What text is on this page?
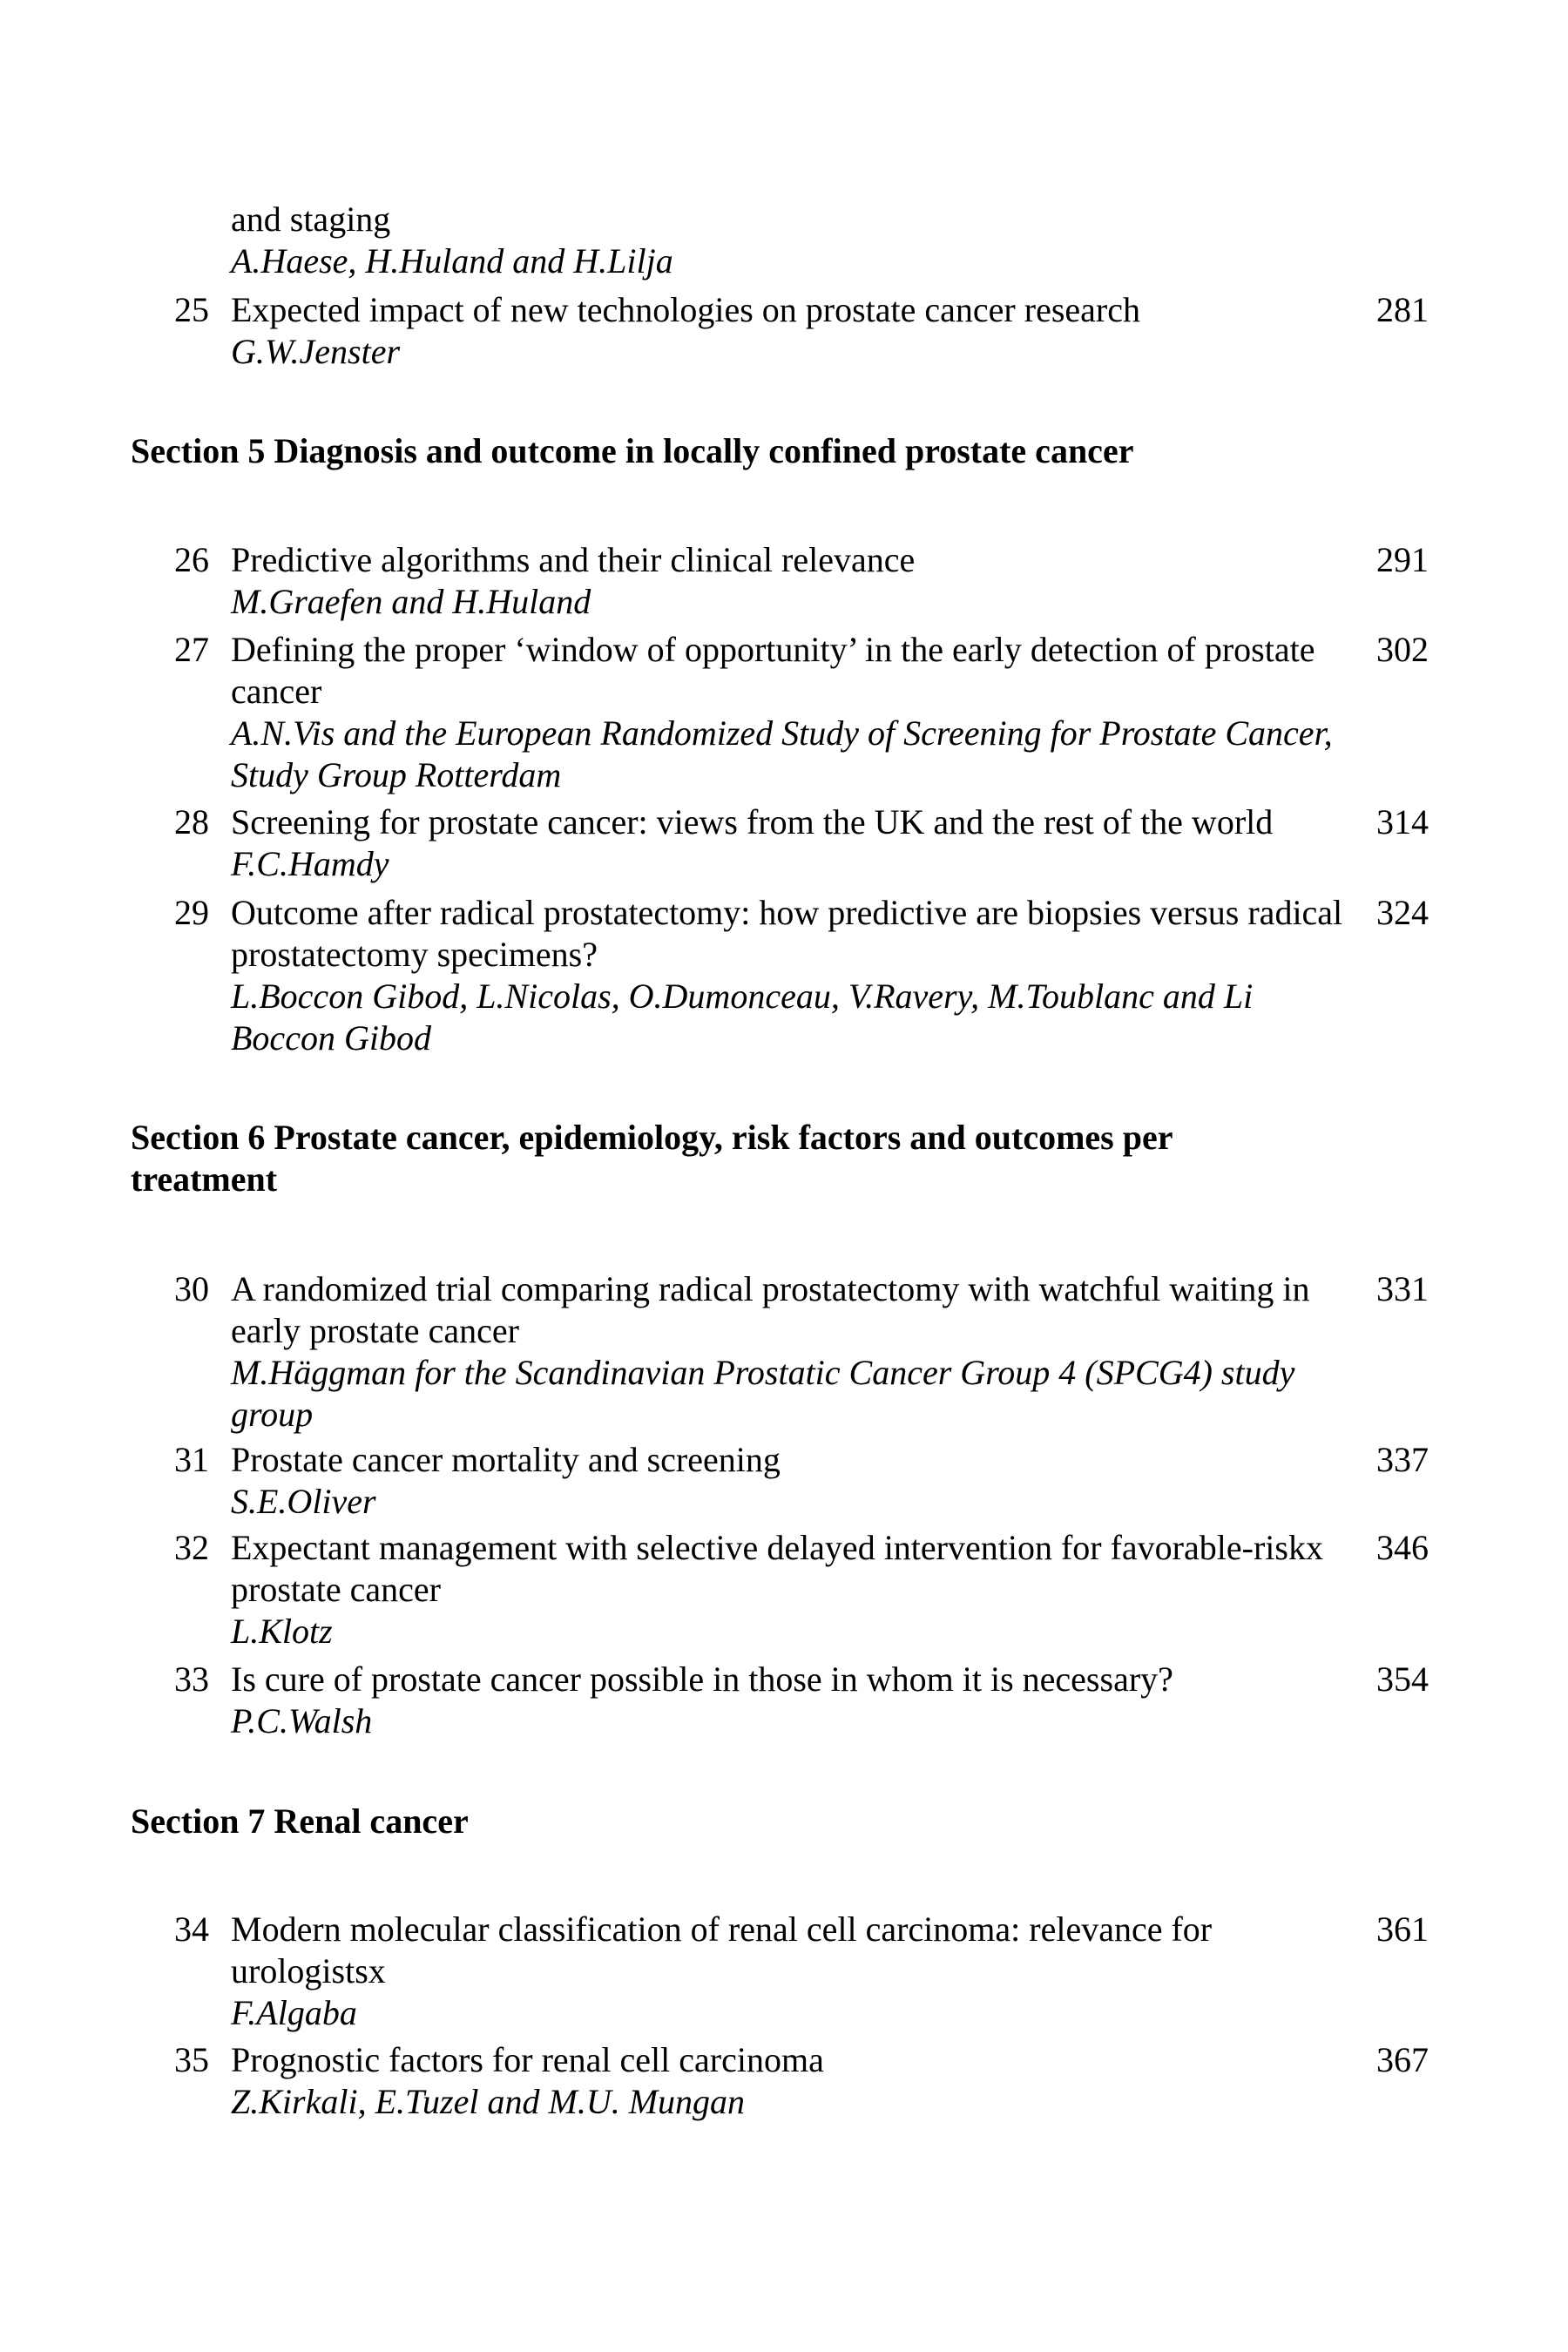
and staging
A.Haese, H.Huland and H.Lilja
25 Expected impact of new technologies on prostate cancer research
G.W.Jenster
281
Section 5 Diagnosis and outcome in locally confined prostate cancer
26 Predictive algorithms and their clinical relevance
M.Graefen and H.Huland
291
27 Defining the proper ‘window of opportunity’ in the early detection of prostate cancer
A.N.Vis and the European Randomized Study of Screening for Prostate Cancer, Study Group Rotterdam
302
28 Screening for prostate cancer: views from the UK and the rest of the world
F.C.Hamdy
314
29 Outcome after radical prostatectomy: how predictive are biopsies versus radical prostatectomy specimens?
L.Boccon Gibod, L.Nicolas, O.Dumonceau, V.Ravery, M.Toublanc and Li Boccon Gibod
324
Section 6 Prostate cancer, epidemiology, risk factors and outcomes per treatment
30 A randomized trial comparing radical prostatectomy with watchful waiting in early prostate cancer
M.Häggman for the Scandinavian Prostatic Cancer Group 4 (SPCG4) study group
331
31 Prostate cancer mortality and screening
S.E.Oliver
337
32 Expectant management with selective delayed intervention for favorable-riskx prostate cancer
L.Klotz
346
33 Is cure of prostate cancer possible in those in whom it is necessary?
P.C.Walsh
354
Section 7 Renal cancer
34 Modern molecular classification of renal cell carcinoma: relevance for urologistsx
F.Algaba
361
35 Prognostic factors for renal cell carcinoma
Z.Kirkali, E.Tuzel and M.U. Mungan
367
